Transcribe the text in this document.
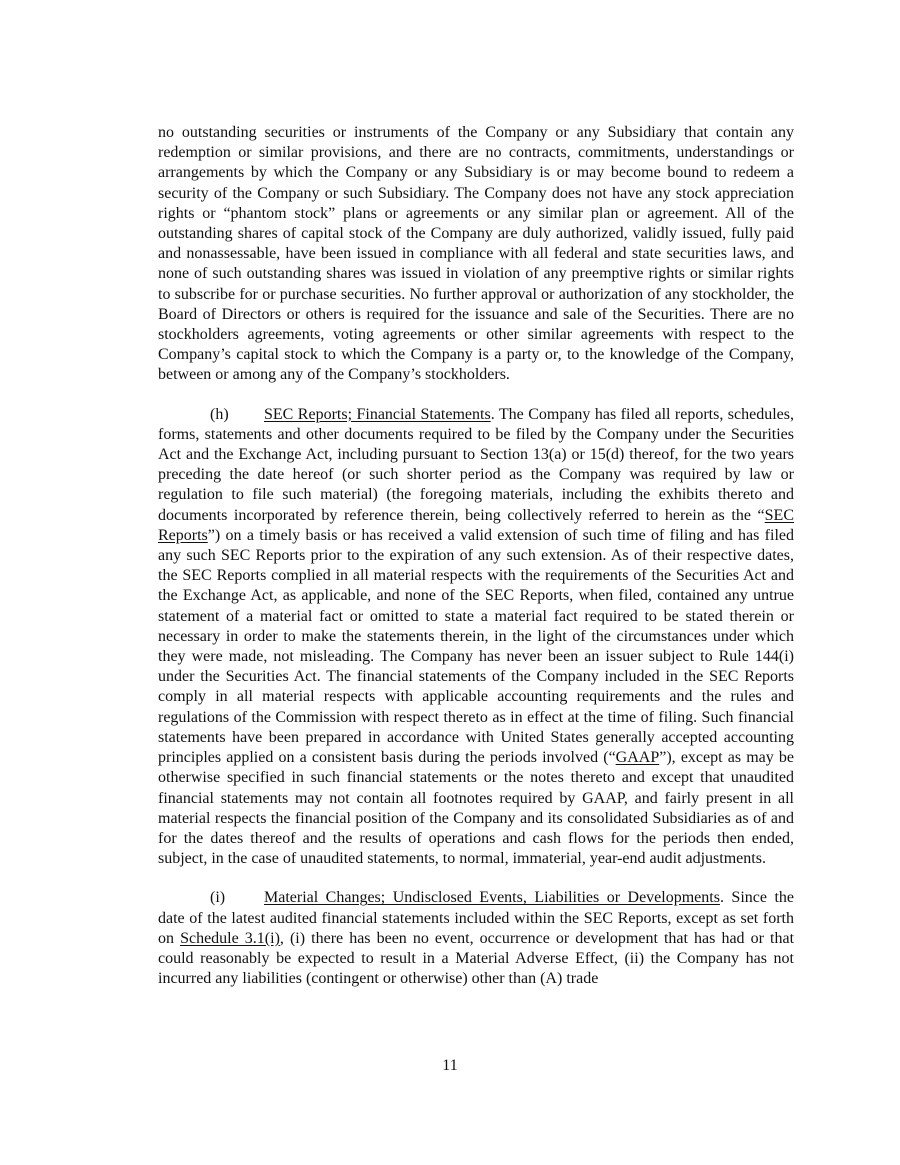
no outstanding securities or instruments of the Company or any Subsidiary that contain any redemption or similar provisions, and there are no contracts, commitments, understandings or arrangements by which the Company or any Subsidiary is or may become bound to redeem a security of the Company or such Subsidiary. The Company does not have any stock appreciation rights or “phantom stock” plans or agreements or any similar plan or agreement. All of the outstanding shares of capital stock of the Company are duly authorized, validly issued, fully paid and nonassessable, have been issued in compliance with all federal and state securities laws, and none of such outstanding shares was issued in violation of any preemptive rights or similar rights to subscribe for or purchase securities. No further approval or authorization of any stockholder, the Board of Directors or others is required for the issuance and sale of the Securities. There are no stockholders agreements, voting agreements or other similar agreements with respect to the Company’s capital stock to which the Company is a party or, to the knowledge of the Company, between or among any of the Company’s stockholders.

(h) SEC Reports; Financial Statements. The Company has filed all reports, schedules, forms, statements and other documents required to be filed by the Company under the Securities Act and the Exchange Act, including pursuant to Section 13(a) or 15(d) thereof, for the two years preceding the date hereof (or such shorter period as the Company was required by law or regulation to file such material) (the foregoing materials, including the exhibits thereto and documents incorporated by reference therein, being collectively referred to herein as the “SEC Reports”) on a timely basis or has received a valid extension of such time of filing and has filed any such SEC Reports prior to the expiration of any such extension. As of their respective dates, the SEC Reports complied in all material respects with the requirements of the Securities Act and the Exchange Act, as applicable, and none of the SEC Reports, when filed, contained any untrue statement of a material fact or omitted to state a material fact required to be stated therein or necessary in order to make the statements therein, in the light of the circumstances under which they were made, not misleading. The Company has never been an issuer subject to Rule 144(i) under the Securities Act. The financial statements of the Company included in the SEC Reports comply in all material respects with applicable accounting requirements and the rules and regulations of the Commission with respect thereto as in effect at the time of filing. Such financial statements have been prepared in accordance with United States generally accepted accounting principles applied on a consistent basis during the periods involved (“GAAP”), except as may be otherwise specified in such financial statements or the notes thereto and except that unaudited financial statements may not contain all footnotes required by GAAP, and fairly present in all material respects the financial position of the Company and its consolidated Subsidiaries as of and for the dates thereof and the results of operations and cash flows for the periods then ended, subject, in the case of unaudited statements, to normal, immaterial, year-end audit adjustments.

(i) Material Changes; Undisclosed Events, Liabilities or Developments. Since the date of the latest audited financial statements included within the SEC Reports, except as set forth on Schedule 3.1(i), (i) there has been no event, occurrence or development that has had or that could reasonably be expected to result in a Material Adverse Effect, (ii) the Company has not incurred any liabilities (contingent or otherwise) other than (A) trade

11
